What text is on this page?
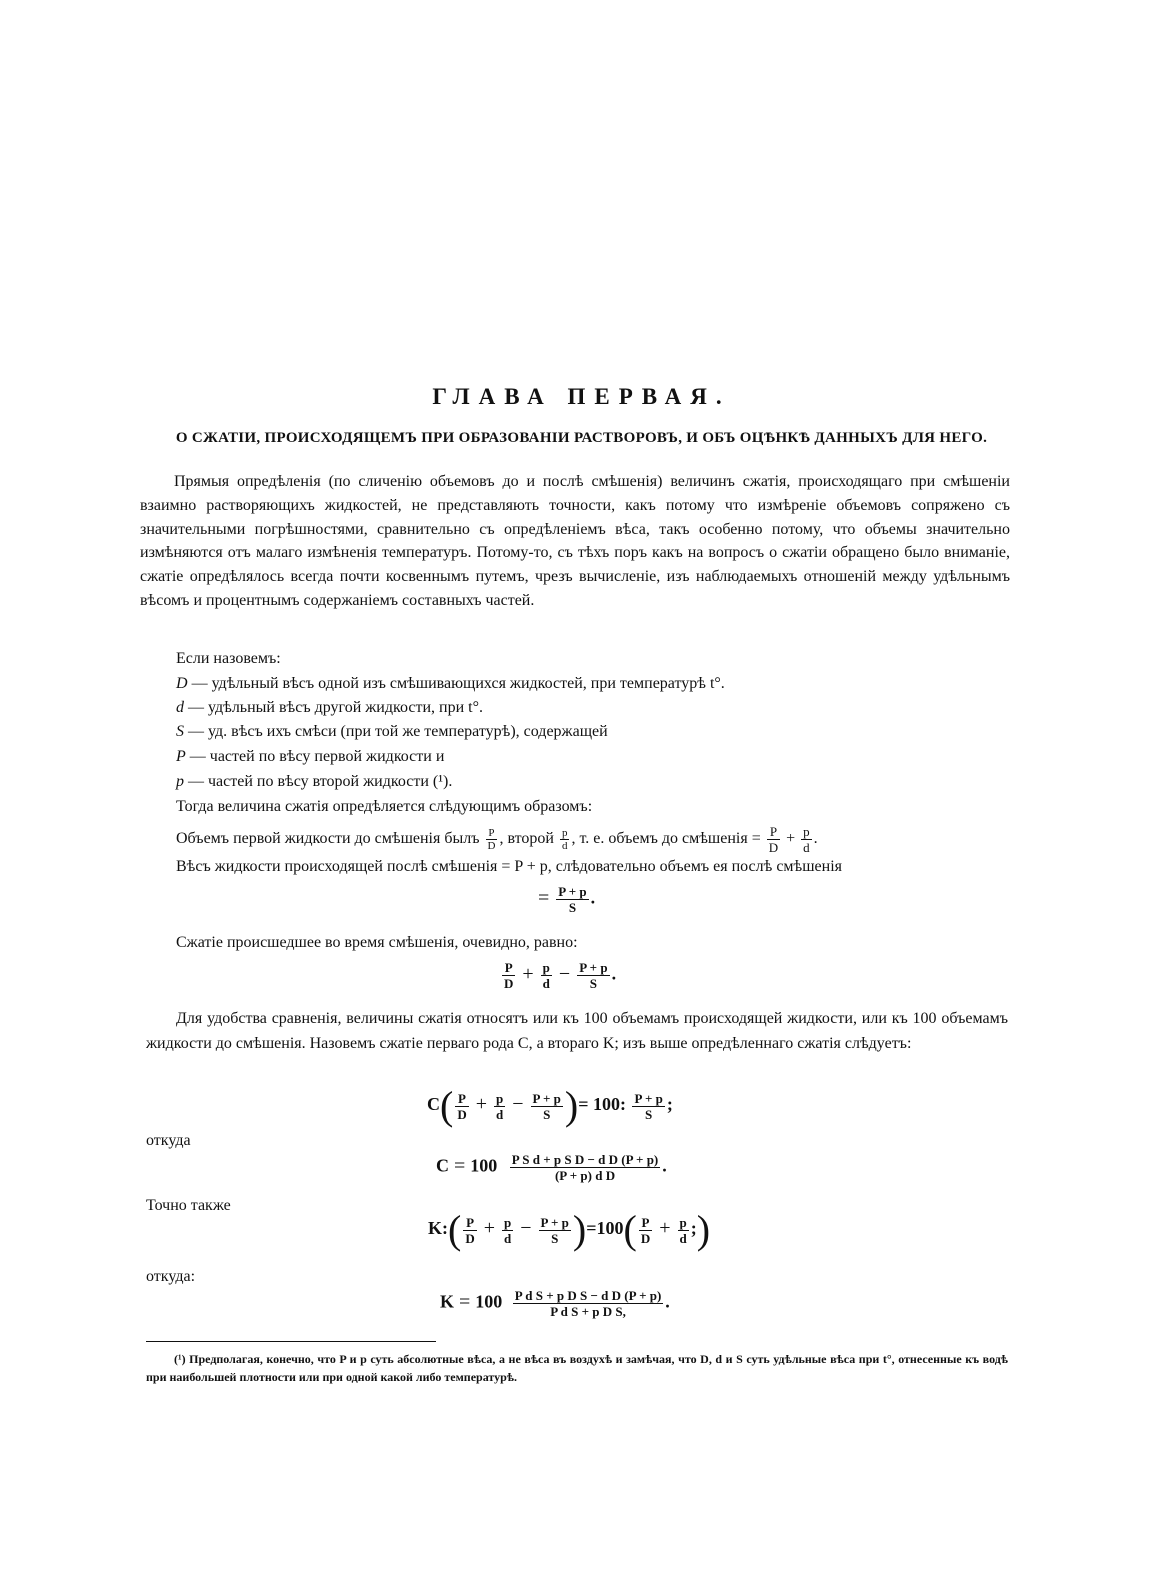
ГЛАВА ПЕРВАЯ.
О СЖАТІИ, ПРОИСХОДЯЩЕМЪ ПРИ ОБРАЗОВАНІИ РАСТВОРОВЪ, И ОБЪ ОЦѢНКѢ ДАННЫХЪ ДЛЯ НЕГО.

Прямыя опредѣленія (по сличенію объемовъ до и послѣ смѣшенія) величинъ сжатія, происходящаго при смѣшеніи взаимно растворяющихъ жидкостей, не представляють точности, какъ потому что измѣреніе объемовъ сопряжено съ значительными погрѣшностями, сравнительно съ опредѣленіемъ вѣса, такъ особенно потому, что объемы значительно измѣняются отъ малаго измѣненія температуръ. Потому-то, съ тѣхъ поръ какъ на вопросъ о сжатіи обращено было вниманіе, сжатіе опредѣлялось всегда почти косвеннымъ путемъ, чрезъ вычисленіе, изъ наблюдаемыхъ отношеній между удѣльнымъ вѣсомъ и процентнымъ содержаніемъ составныхъ частей.

Если назовемъ:
D — удѣльный вѣсъ одной изъ смѣшивающихся жидкостей, при температурѣ t°.
d — удѣльный вѣсъ другой жидкости, при t°.
S — уд. вѣсъ ихъ смѣси (при той же температурѣ), содержащей
P — частей по вѣсу первой жидкости и
p — частей по вѣсу второй жидкости (¹).
Тогда величина сжатія опредѣляется слѣдующимъ образомъ:
Объемъ первой жидкости до смѣшенія былъ $\frac{P}{D}$ , второй $\frac{p}{d}$ , т. е. объемъ до смѣшенія = $\frac{P}{D} + \frac{p}{d}$ .
Вѣсъ жидкости происходящей послѣ смѣшенія = P + p, слѣдовательно объемъ ея послѣ смѣшенія
= $\frac{P + p}{S}$ .
Сжатіе происшедшее во время смѣшенія, очевидно, равно:
$\frac{P}{D} + \frac{p}{d} - \frac{P + p}{S}$ .

Для удобства сравненія, величины сжатія относятъ или къ 100 объемамъ происходящей жидкости, или къ 100 объемамъ жидкости до смѣшенія. Назовемъ сжатіе перваго рода C, а втораго K; изъ выше опредѣленнаго сжатія слѣдуетъ:

$C( \frac{P}{D} + \frac{p}{d} - \frac{P + p}{S}$ )= 100: $\frac{P + p}{S}$ ;
откуда
$C = 100 \frac{\text{P S d + p S D − d D (P + p)}}{\text{(P + p) d D}}$ .
Точно также
K:( $\frac{P}{D} + \frac{p}{d} - \frac{P + p}{S} )=100( \frac{P}{D} + \frac{p}{d}$ ;)
откуда:
$K = 100 \frac{\text{P d S + p D S − d D (P + p)}}{\text{P d S + p D S,}}$ .

(¹) Предполагая, конечно, что P и p суть абсолютные вѣса, а не вѣса въ воздухѣ и замѣчая, что D, d и S суть удѣльные вѣса при t°, отнесенные къ водѣ при наибольшей плотности или при одной какой либо температурѣ.
